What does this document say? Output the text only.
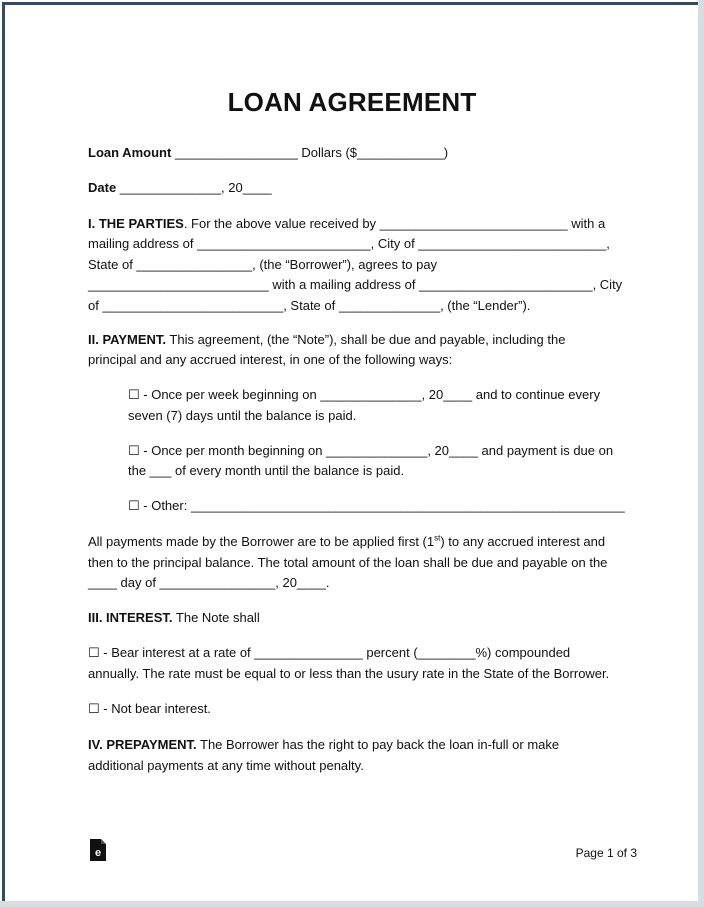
LOAN AGREEMENT
Loan Amount _________________ Dollars ($____________)
Date ______________, 20____
I. THE PARTIES. For the above value received by __________________________ with a
mailing address of ________________________, City of __________________________,
State of ________________, (the “Borrower”), agrees to pay
_________________________ with a mailing address of ________________________, City
of _________________________, State of ______________, (the “Lender”).
II. PAYMENT. This agreement, (the “Note”), shall be due and payable, including the
principal and any accrued interest, in one of the following ways:
☐ - Once per week beginning on ______________, 20____ and to continue every
seven (7) days until the balance is paid.
☐ - Once per month beginning on ______________, 20____ and payment is due on
the ___ of every month until the balance is paid.
☐ - Other: ____________________________________________________________
All payments made by the Borrower are to be applied first (1st) to any accrued interest and
then to the principal balance. The total amount of the loan shall be due and payable on the
____ day of ________________, 20____.
III. INTEREST. The Note shall
☐ - Bear interest at a rate of _______________ percent (________%) compounded
annually. The rate must be equal to or less than the usury rate in the State of the Borrower.
☐ - Not bear interest.
IV. PREPAYMENT. The Borrower has the right to pay back the loan in-full or make
additional payments at any time without penalty.
e	Page 1 of 3
